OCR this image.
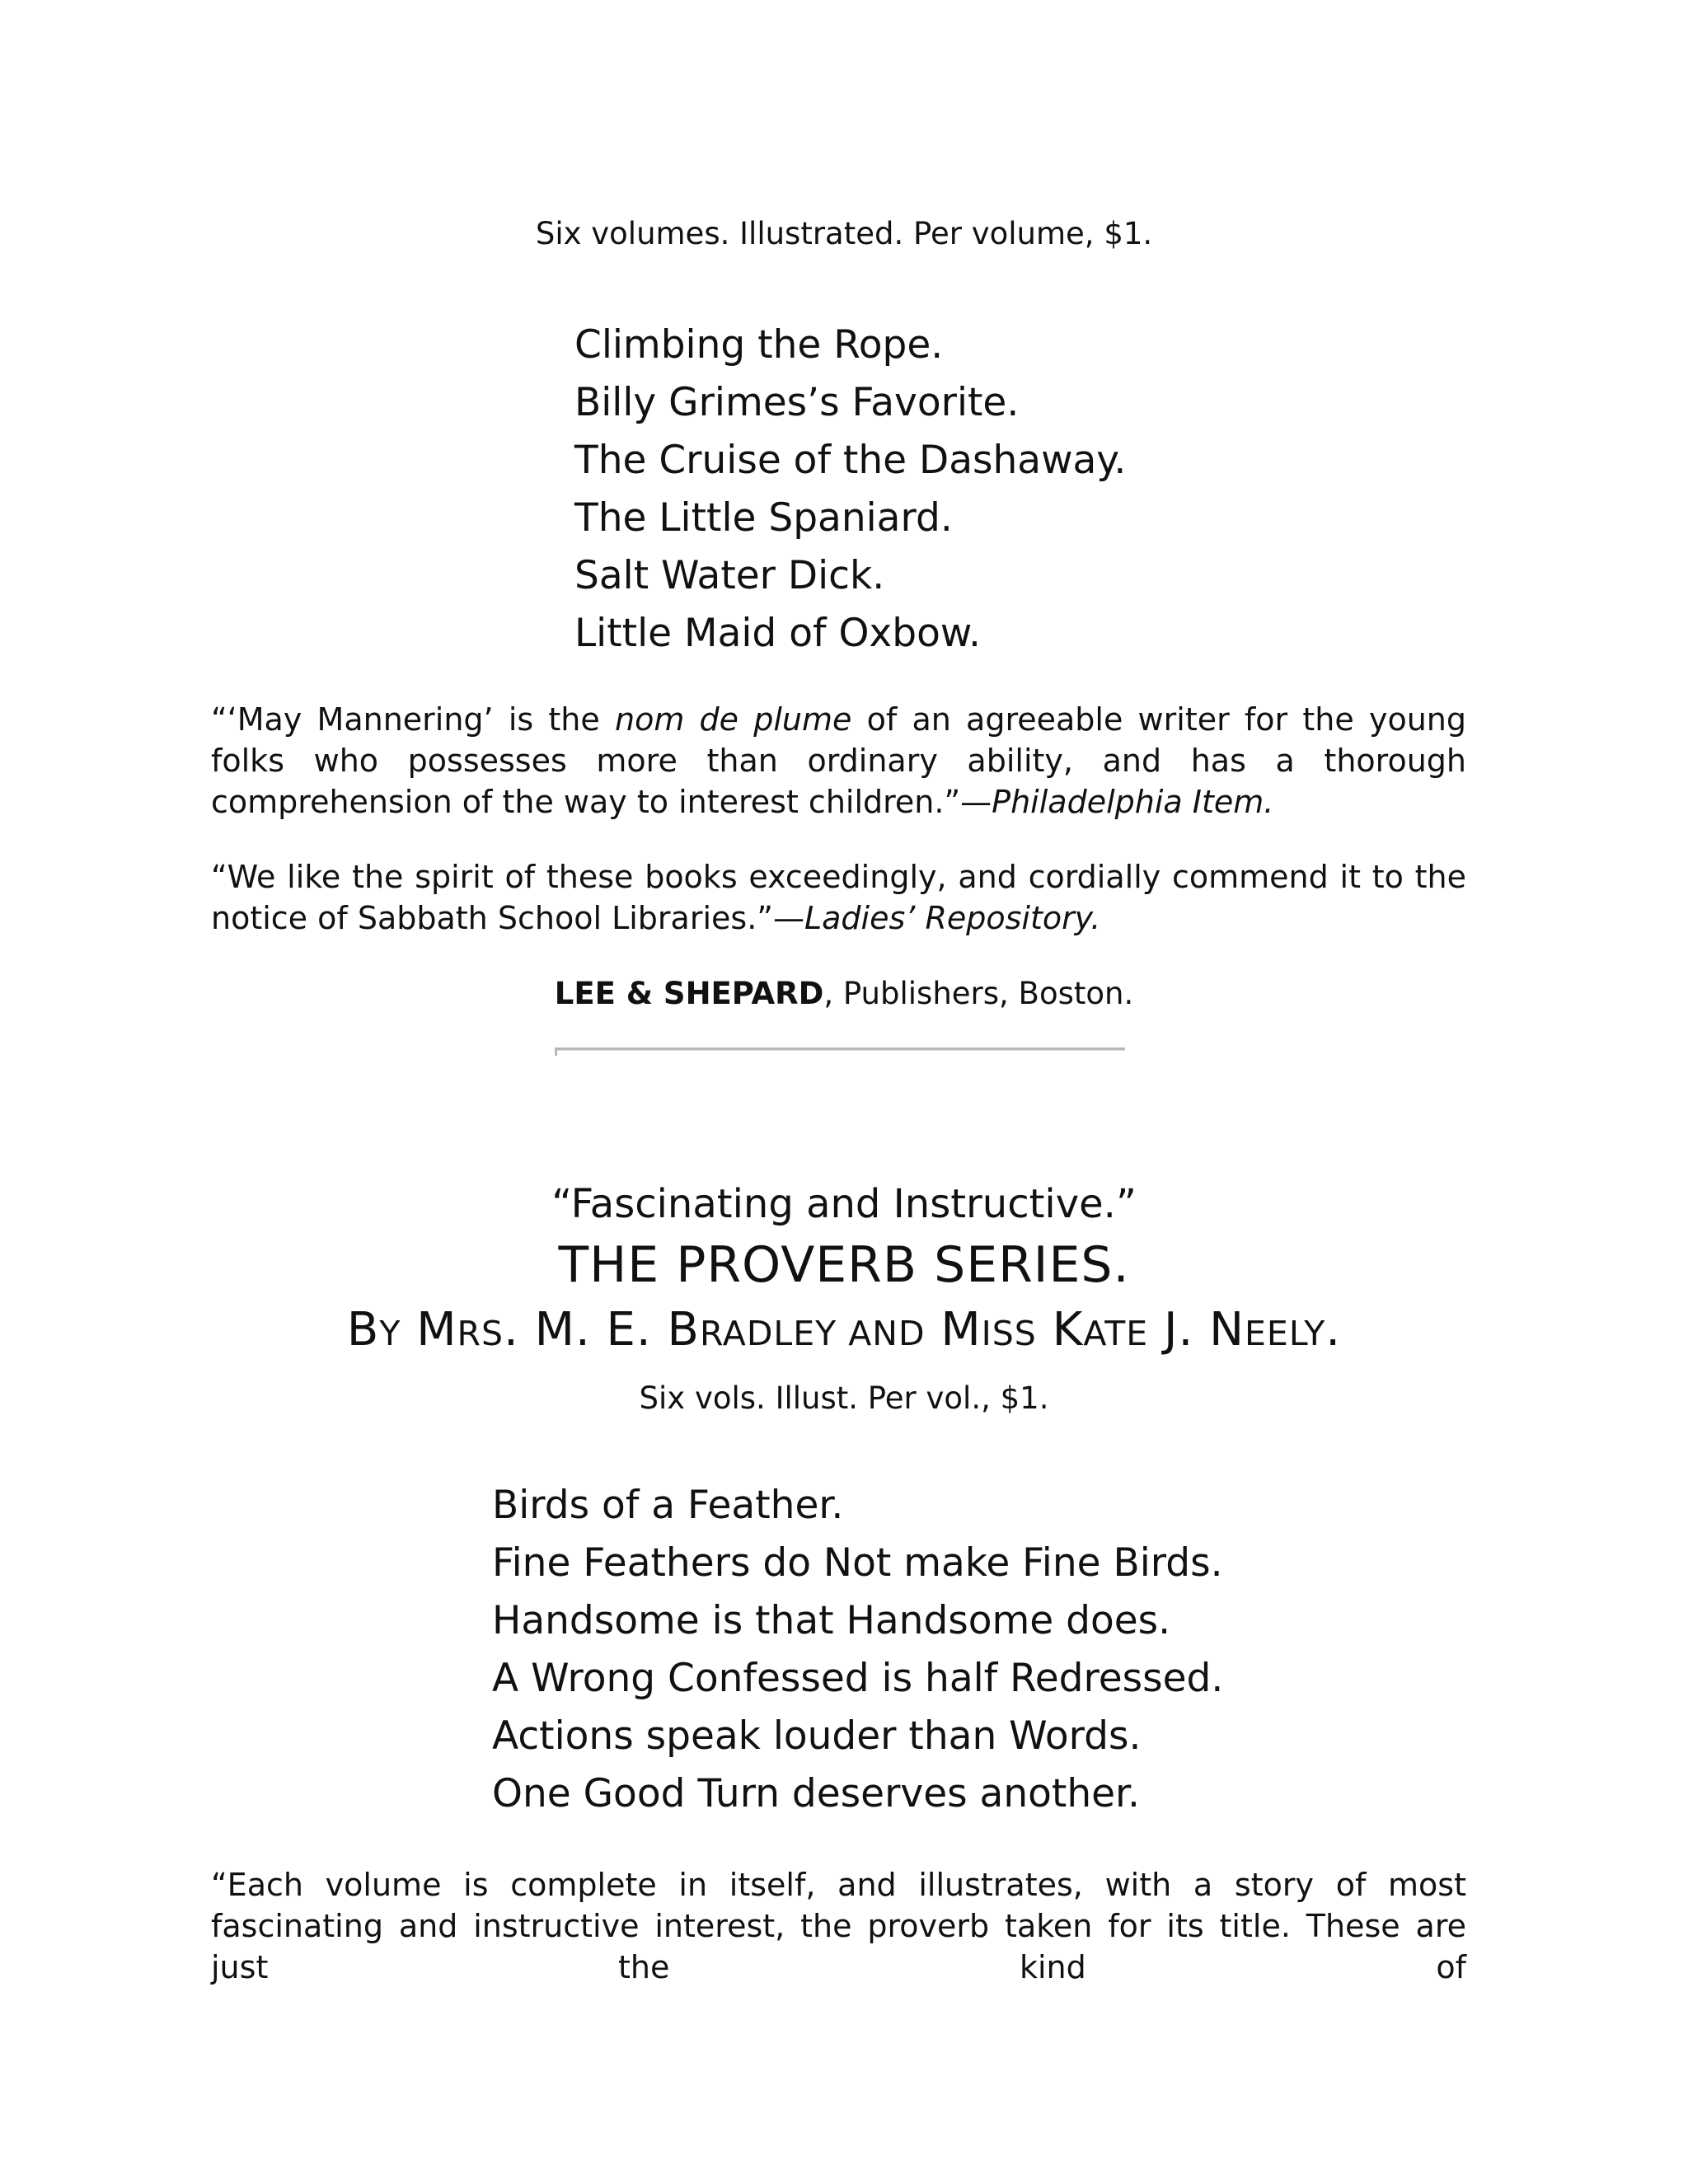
Six volumes. Illustrated. Per volume, $1.
Climbing the Rope.
Billy Grimes’s Favorite.
The Cruise of the Dashaway.
The Little Spaniard.
Salt Water Dick.
Little Maid of Oxbow.

“‘May Mannering’ is the nom de plume of an agreeable writer for the young folks who possesses more than ordinary ability, and has a thorough comprehension of the way to interest children.”—Philadelphia Item.

“We like the spirit of these books exceedingly, and cordially commend it to the notice of Sabbath School Libraries.”—Ladies’ Repository.

LEE & SHEPARD, Publishers, Boston.
“Fascinating and Instructive.”
THE PROVERB SERIES.
BY MRS. M. E. BRADLEY AND MISS KATE J. NEELY.
Six vols. Illust. Per vol., $1.
Birds of a Feather.
Fine Feathers do Not make Fine Birds.
Handsome is that Handsome does.
A Wrong Confessed is half Redressed.
Actions speak louder than Words.
One Good Turn deserves another.

“Each volume is complete in itself, and illustrates, with a story of most fascinating and instructive interest, the proverb taken for its title. These are just the kind of
